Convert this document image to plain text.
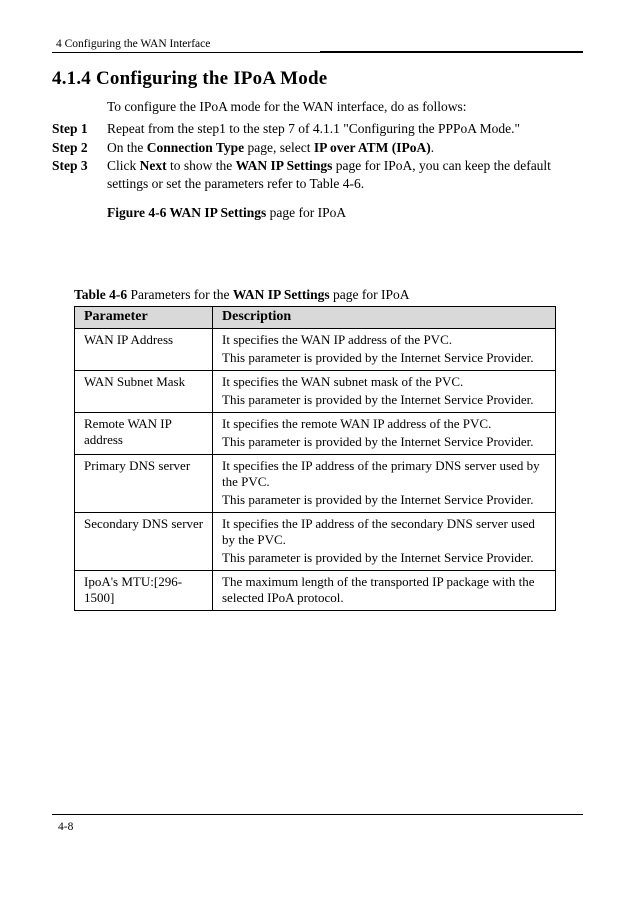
4 Configuring the WAN Interface
4.1.4 Configuring the IPoA Mode
To configure the IPoA mode for the WAN interface, do as follows:
Step 1 Repeat from the step1 to the step 7 of 4.1.1 "Configuring the PPPoA Mode."
Step 2 On the Connection Type page, select IP over ATM (IPoA).
Step 3 Click Next to show the WAN IP Settings page for IPoA, you can keep the default settings or set the parameters refer to Table 4-6.
Figure 4-6 WAN IP Settings page for IPoA
Table 4-6 Parameters for the WAN IP Settings page for IPoA
Parameter	Description
WAN IP Address	It specifies the WAN IP address of the PVC.
This parameter is provided by the Internet Service Provider.

WAN Subnet Mask	It specifies the WAN subnet mask of the PVC.
This parameter is provided by the Internet Service Provider.

Remote WAN IP address	It specifies the remote WAN IP address of the PVC.
This parameter is provided by the Internet Service Provider.

Primary DNS server	It specifies the IP address of the primary DNS server used by the PVC.
This parameter is provided by the Internet Service Provider.

Secondary DNS server	It specifies the IP address of the secondary DNS server used by the PVC.
This parameter is provided by the Internet Service Provider.

IpoA's MTU:[296-1500]	The maximum length of the transported IP package with the selected IPoA protocol.
4-8
